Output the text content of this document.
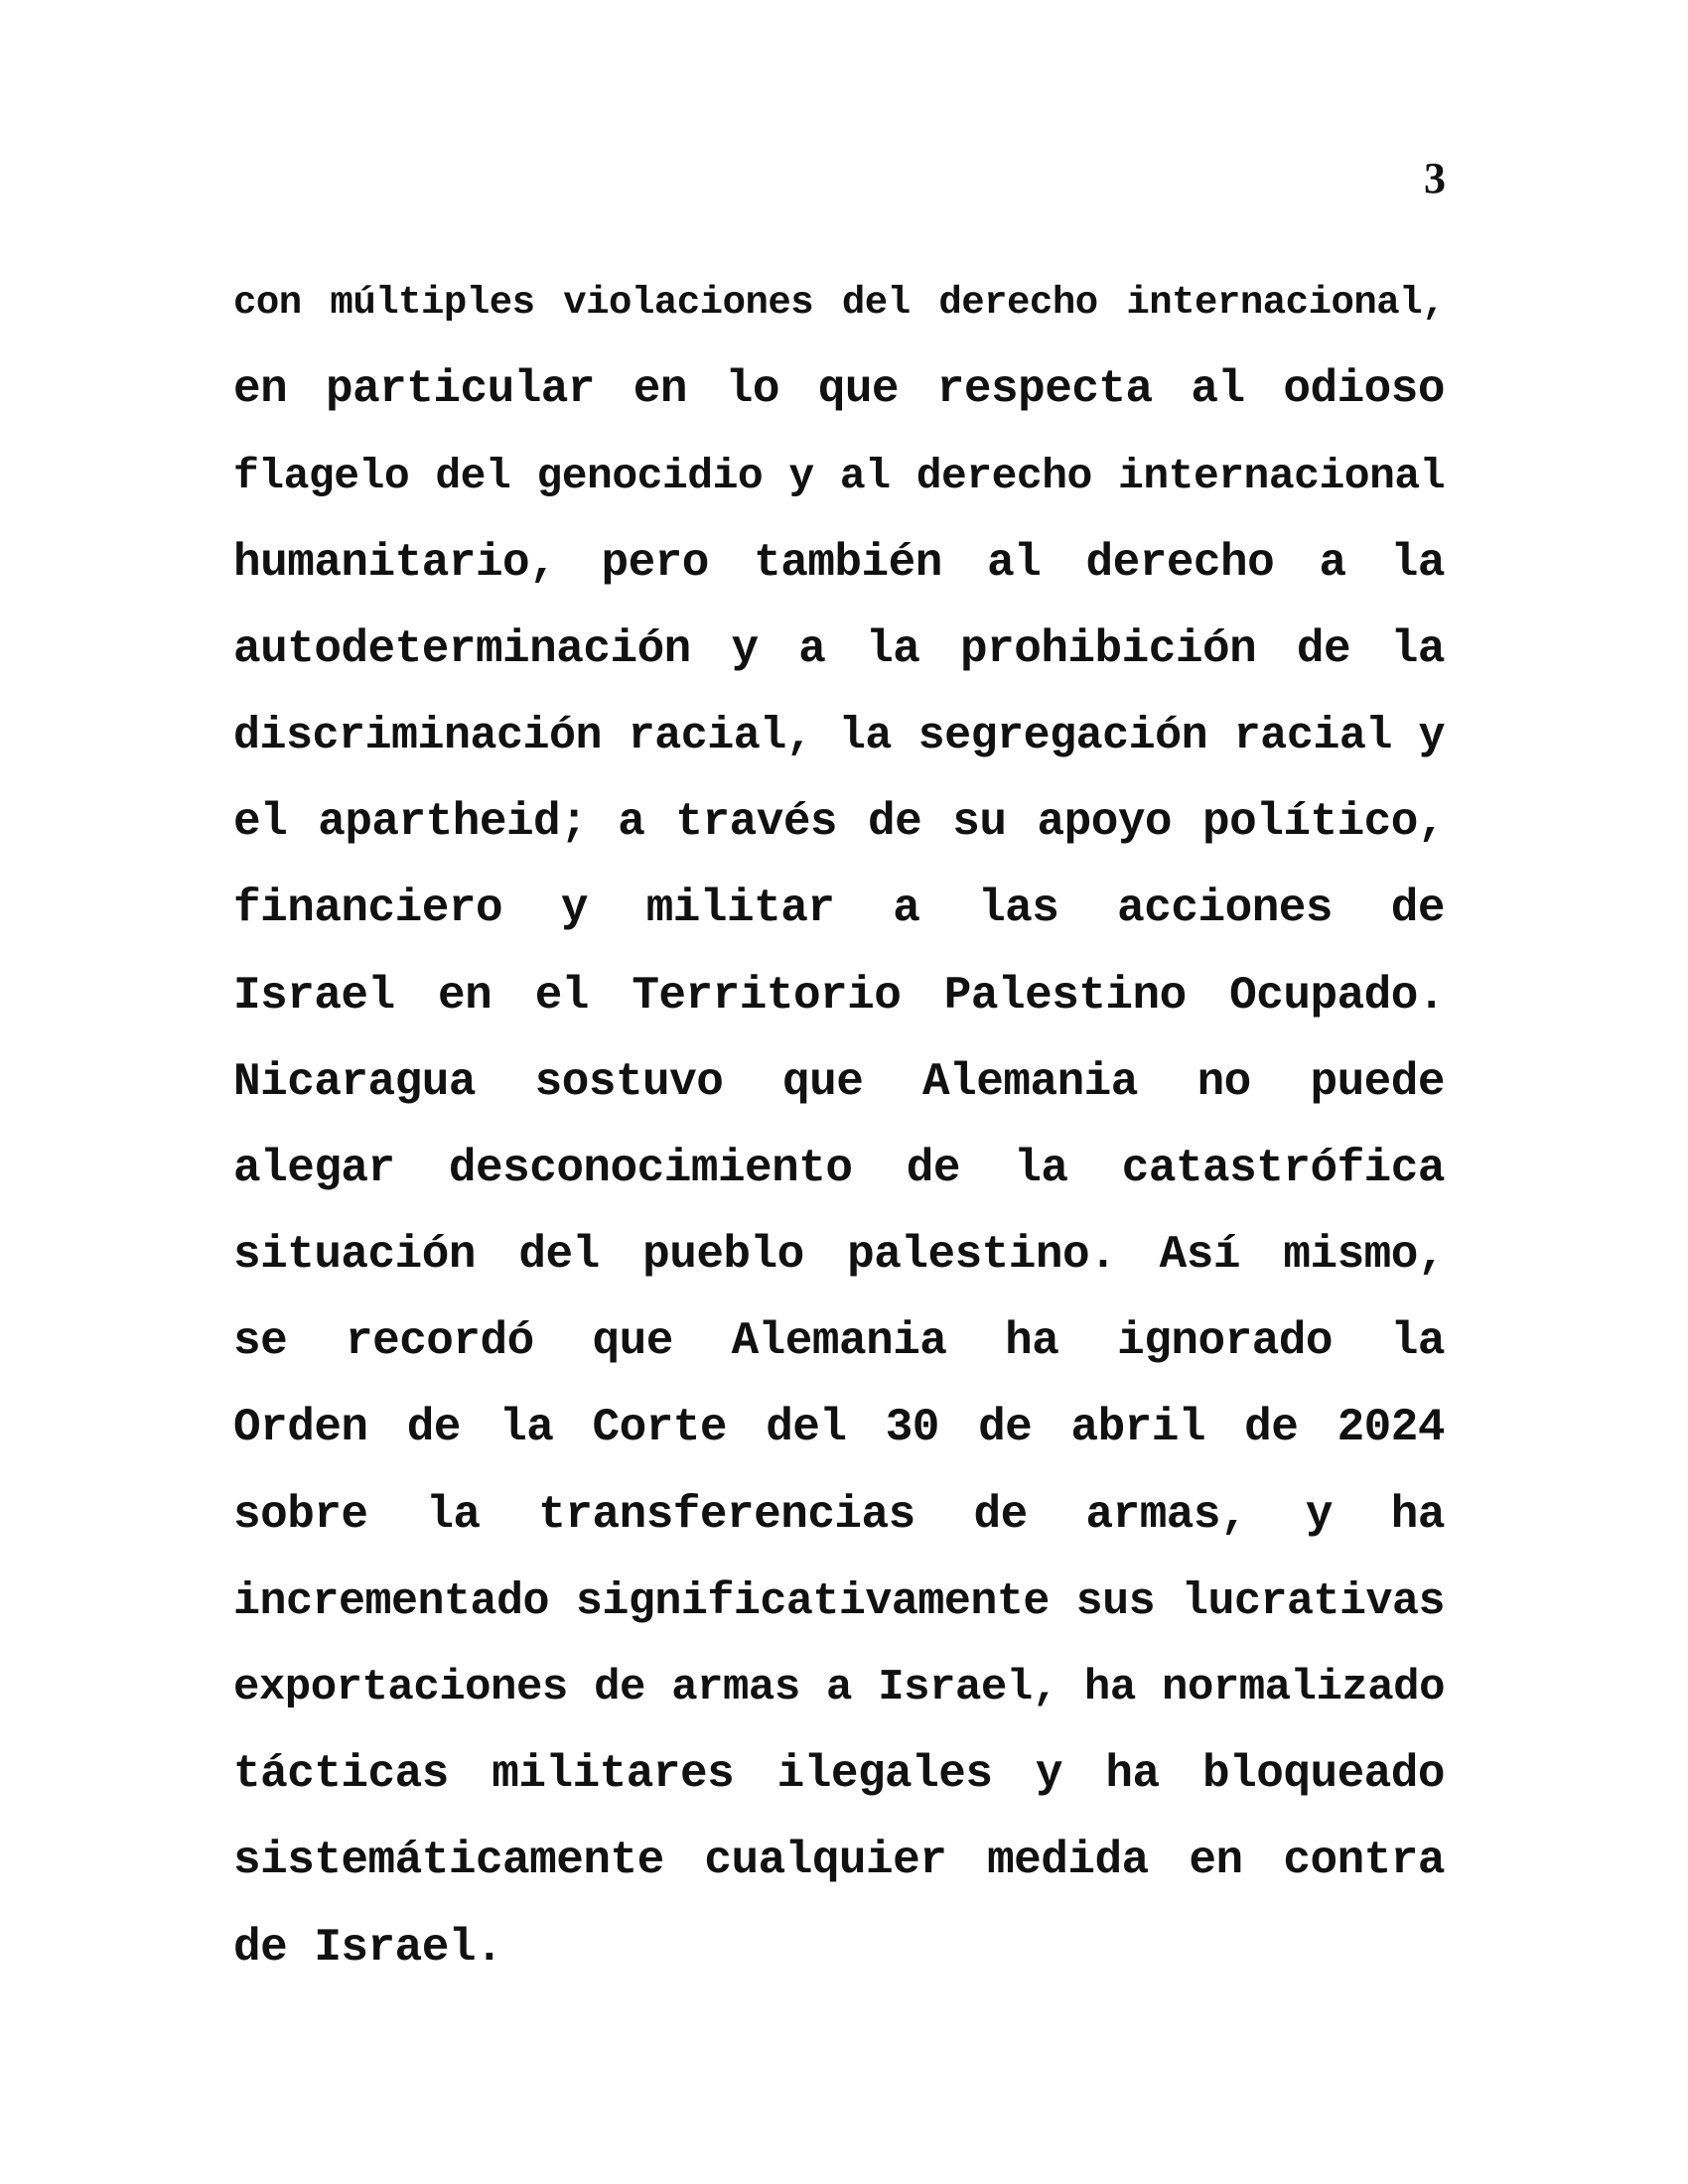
3
con múltiples violaciones del derecho internacional,
en particular en lo que respecta al odioso
flagelo del genocidio y al derecho internacional
humanitario, pero también al derecho a la
autodeterminación y a la prohibición de la
discriminación racial, la segregación racial y
el apartheid; a través de su apoyo político,
financiero y militar a las acciones de
Israel en el Territorio Palestino Ocupado.
Nicaragua sostuvo que Alemania no puede
alegar desconocimiento de la catastrófica
situación del pueblo palestino. Así mismo,
se recordó que Alemania ha ignorado la
Orden de la Corte del 30 de abril de 2024
sobre la transferencias de armas, y ha
incrementado significativamente sus lucrativas
exportaciones de armas a Israel, ha normalizado
tácticas militares ilegales y ha bloqueado
sistemáticamente cualquier medida en contra
de Israel.
